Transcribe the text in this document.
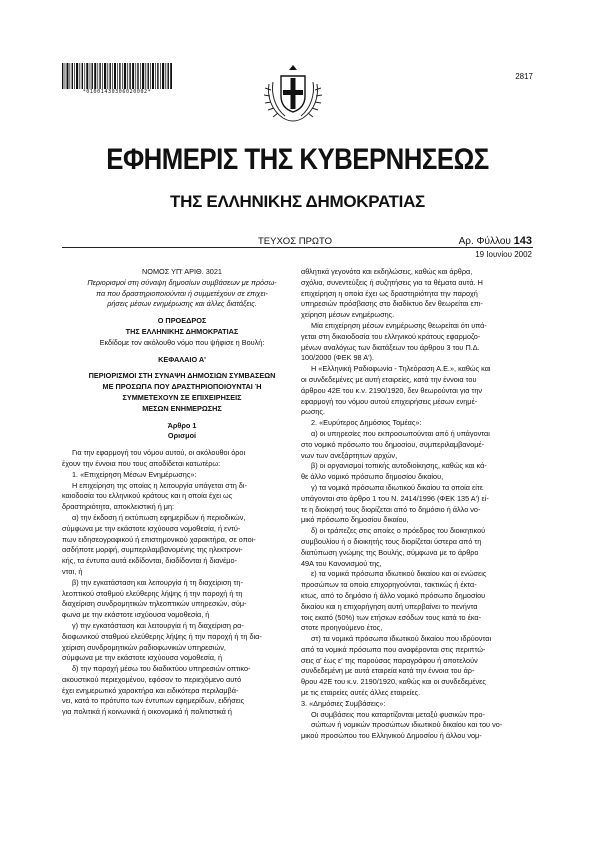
*01001430306020002*
2817
ΕΦΗΜΕΡΙΣ ΤΗΣ ΚΥΒΕΡΝΗΣΕΩΣ
ΤΗΣ ΕΛΛΗΝΙΚΗΣ ΔΗΜΟΚΡΑΤΙΑΣ
ΤΕΥΧΟΣ ΠΡΩΤΟ	Αρ. Φύλλου 143
19 Ιουνίου 2002

ΝΟΜΟΣ ΥΠ' ΑΡΙΘ. 3021

Περιορισμοί στη σύναψη δημοσίων συμβάσεων με πρόσω-

πα που δραστηριοποιούνται ή συμμετέχουν σε επιχει-

ρήσεις μέσων ενημέρωσης και άλλες διατάξεις.

Ο ΠΡΟΕΔΡΟΣ

ΤΗΣ ΕΛΛΗΝΙΚΗΣ ΔΗΜΟΚΡΑΤΙΑΣ

Εκδίδομε τον ακόλουθο νόμο που ψήφισε η Βουλή:

ΚΕΦΑΛΑΙΟ Α'

ΠΕΡΙΟΡΙΣΜΟΙ ΣΤΗ ΣΥΝΑΨΗ ΔΗΜΟΣΙΩΝ ΣΥΜΒΑΣΕΩΝ

ΜΕ ΠΡΟΣΩΠΑ ΠΟΥ ΔΡΑΣΤΗΡΙΟΠΟΙΟΥΝΤΑΙ Ή

ΣΥΜΜΕΤΕΧΟΥΝ ΣΕ ΕΠΙΧΕΙΡΗΣΕΙΣ

ΜΕΣΩΝ ΕΝΗΜΕΡΩΣΗΣ

Άρθρο 1

Ορισμοί

Για την εφαρμογή του νόμου αυτού, οι ακόλουθοι όροι

έχουν την έννοια που τους αποδίδεται κατωτέρω:

1. «Επιχείρηση Μέσων Ενημέρωσης»:

Η επιχείρηση της οποίας η λειτουργία υπάγεται στη δι-

καιοδοσία του ελληνικού κράτους και η οποία έχει ως

δραστηριότητα, αποκλειστική ή μη:

α) την έκδοση ή εκτύπωση εφημερίδων ή περιοδικών,

σύμφωνα με την εκάστοτε ισχύουσα νομοθεσία, ή εντύ-

πων ειδησεογραφικού ή επιστημονικού χαρακτήρα, σε οποι-

ασδήποτε μορφή, συμπεριλαμβανομένης της ηλεκτρονι-

κής, τα έντυπα αυτά εκδίδονται, διαδίδονται ή διανέμο-

νται, ή

β) την εγκατάσταση και λειτουργία ή τη διαχείριση τη-

λεοπτικού σταθμού ελεύθερης λήψης ή την παροχή ή τη

διαχείριση συνδρομητικών τηλεοπτικών υπηρεσιών, σύμ-

φωνα με την εκάστοτε ισχύουσα νομοθεσία, ή

γ) την εγκατάσταση και λειτουργία ή τη διαχείριση ρα-

διοφωνικού σταθμού ελεύθερης λήψης ή την παροχή ή τη δια-

χείριση συνδρομητικών ραδιοφωνικών υπηρεσιών,

σύμφωνα με την εκάστοτε ισχύουσα νομοθεσία, ή

δ) την παροχή μέσω του διαδικτύου υπηρεσιών οπτικο-

ακουστικού περιεχομένου, εφόσον το περιεχόμενο αυτό

έχει ενημερωτικό χαρακτήρα και ειδικότερα περιλαμβά-

νει, κατά το πρότυπο των έντυπων εφημερίδων, ειδήσεις

για πολιτικά ή κοινωνικά ή οικονομικά ή πολιτιστικά ή

αθλητικά γεγονότα και εκδηλώσεις, καθώς και άρθρα,

σχόλια, συνεντεύξεις ή συζητήσεις για τα θέματα αυτά. Η

επιχείρηση η οποία έχει ως δραστηριότητα την παροχή

υπηρεσιών πρόσβασης στο διαδίκτυο δεν θεωρείται επι-

χείρηση μέσων ενημέρωσης.

Μία επιχείρηση μέσων ενημέρωσης θεωρείται ότι υπά-

γεται στη δικαιοδοσία του ελληνικού κράτους εφαρμοζο-

μένων αναλόγως των διατάξεων του άρθρου 3 του Π.Δ.

100/2000 (ΦΕΚ 98 Α').

Η «Ελληνική Ραδιοφωνία - Τηλεόραση Α.Ε.», καθώς και

οι συνδεδεμένες με αυτή εταιρείες, κατά την έννοια του

άρθρου 42Ε του κ.ν. 2190/1920, δεν θεωρούνται για την

εφαρμογή του νόμου αυτού επιχειρήσεις μέσων ενημέ-

ρωσης.

2. «Ευρύτερος Δημόσιος Τομέας»:

α) οι υπηρεσίες που εκπροσωπούνται από ή υπάγονται

στο νομικό πρόσωπο του δημοσίου, συμπεριλαμβανομέ-

νων των ανεξάρτητων αρχών,

β) οι οργανισμοί τοπικής αυτοδιοίκησης, καθώς και κά-

θε άλλο νομικό πρόσωπο δημοσίου δικαίου,

γ) τα νομικά πρόσωπα ιδιωτικού δικαίου τα οποία είτε

υπάγονται στο άρθρο 1 του Ν. 2414/1996 (ΦΕΚ 135 Α') εί-

τε η διοίκησή τους διορίζεται από το δημόσιο ή άλλο νο-

μικό πρόσωπο δημοσίου δικαίου,

δ) οι τράπεζες στις οποίες ο πρόεδρος του διοικητικού

συμβουλίου ή ο διοικητής τους διορίζεται ύστερα από τη

διατύπωση γνώμης της Βουλής, σύμφωνα με το άρθρο

49Α του Κανονισμού της,

ε) τα νομικά πρόσωπα ιδιωτικού δικαίου και οι ενώσεις

προσώπων τα οποία επιχορηγούνται, τακτικώς ή έκτα-

κτως, από το δημόσιο ή άλλο νομικό πρόσωπο δημοσίου

δικαίου και η επιχορήγηση αυτή υπερβαίνει το πενήντα

τοις εκατό (50%) των ετήσιων εσόδων τους κατά το έκα-

στοτε προηγούμενο έτος,

στ) τα νομικά πρόσωπα ιδιωτικού δικαίου που ιδρύονται

από τα νομικά πρόσωπα που αναφέρονται στις περιπτώ-

σεις α' έως ε' της παρούσας παραγράφου ή αποτελούν

συνδεδεμένη με αυτά εταιρεία κατά την έννοια του άρ-

θρου 42Ε του κ.ν. 2190/1920, καθώς και οι συνδεδεμένες

με τις εταιρείες αυτές άλλες εταιρείες.

3. «Δημόσιες Συμβάσεις»:

Οι συμβάσεις που καταρτίζονται μεταξύ φυσικών προ-

σώπων ή νομικών προσώπων ιδιωτικού δικαίου και του νο-

μικού προσώπου του Ελληνικού Δημοσίου ή άλλου νομ-
